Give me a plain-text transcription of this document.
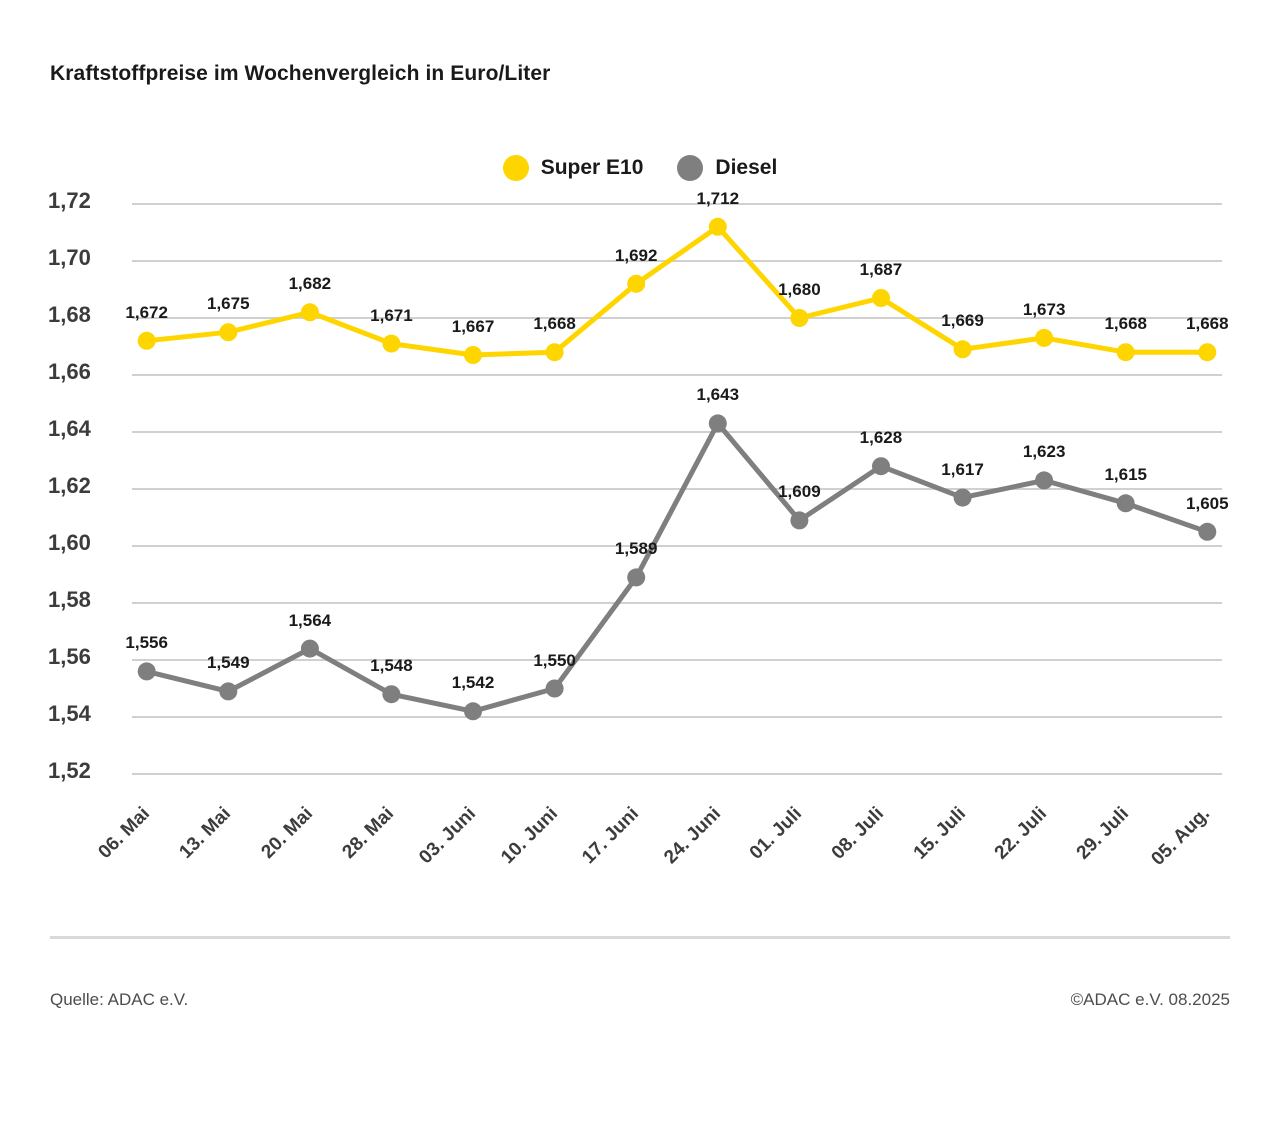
Kraftstoffpreise im Wochenvergleich in Euro/Liter
Super E10	Diesel
1,52
1,54
1,56
1,58
1,60
1,62
1,64
1,66
1,68
1,70
1,72
06. Mai	13. Mai	20. Mai	28. Mai 03. Juni 10. Juni 17. Juni 24. Juni	01. Juli	08. Juli	15. Juli	22. Juli	29. Juli 05. Aug.
1,672 1,675
1,682
1,671
1,667 1,668
1,692
1,712
1,680
1,687
1,669
1,673
1,668 1,668
1,556
1,549
1,564
1,548
1,542
1,550
1,589
1,643
1,609
1,628
1,617
1,623
1,615
1,605
Quelle: ADAC e.V.	©ADAC e.V. 08.2025
